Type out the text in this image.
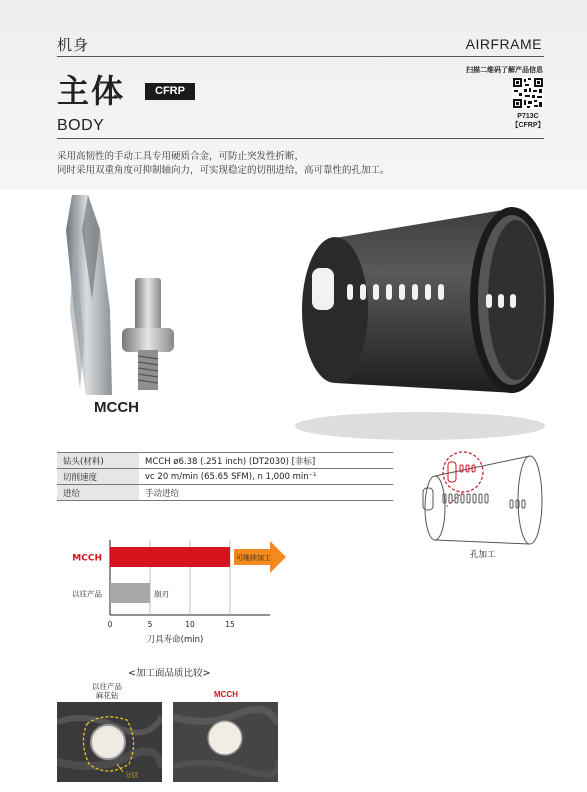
机身	AIRFRAME
主体	CFRP
扫描二维码了解产品信息
P713C
【CFRP】
BODY
采用高韧性的手动工具专用硬质合金，可防止突发性折断，
同时采用双重角度可抑制轴向力，可实现稳定的切削进给，高可靠性的孔加工。
MCCH
钻头(材料)	MCCH ø6.38 (.251 inch) (DT2030) [非标]
切削速度	vc 20 m/min (65.65 SFM), n 1,000 min⁻¹
进给	手动进给
孔加工
MCCH	可继续加工
以往产品	崩刃
0	5	10	15
刀具寿命(min)
<加工面品质比较>
以往产品
麻花钻	MCCH
分层
